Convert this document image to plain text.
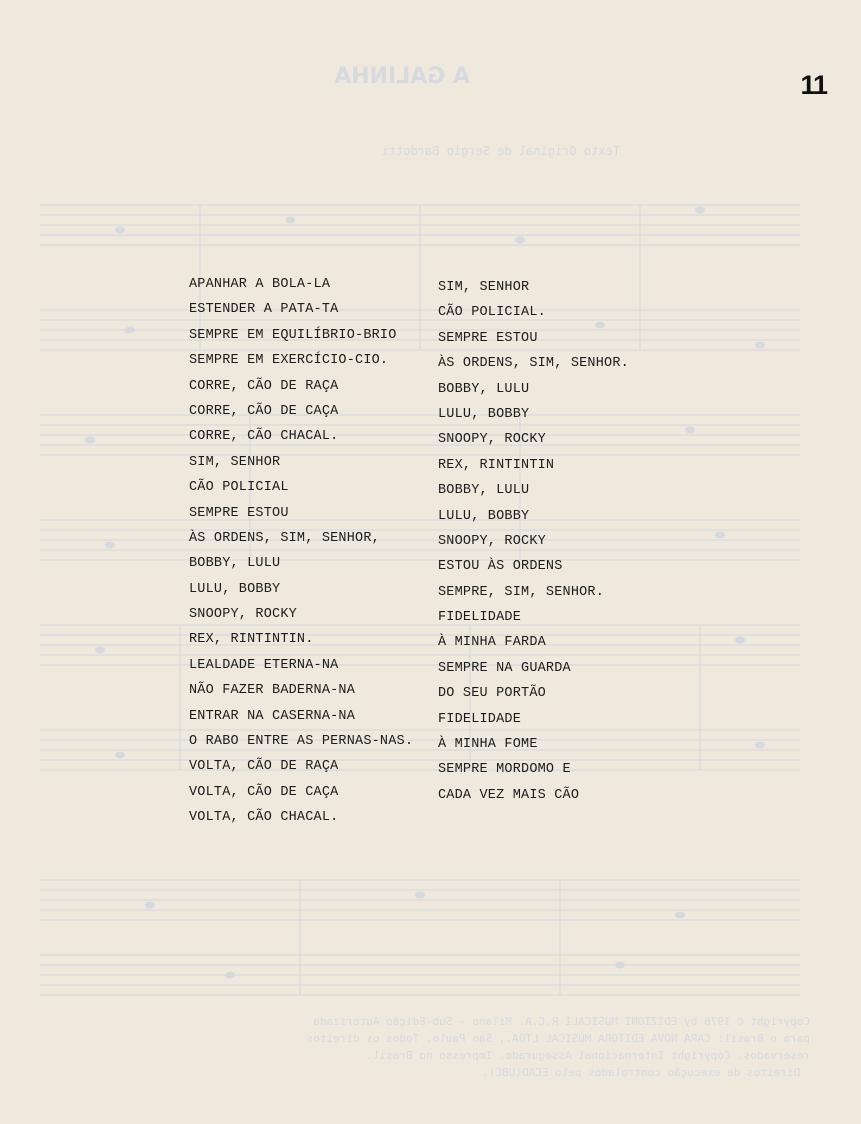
A GALINHA
Texto Original de Sergio Bardotti
Copyright © 1976 by EDIZIONI MUSICALI R.C.A. Milano - Sub-Edição Autorizada
para o Brasil: CARA NOVA EDITORA MUSICAL LTDA., São Paulo. Todos os direitos
reservados. Copyright Internacional Assegurado. Impresso no Brasil.
Direitos de execução controlados pelo ECAD(UBC).
11
APANHAR A BOLA-LA
ESTENDER A PATA-TA
SEMPRE EM EQUILÍBRIO-BRIO
SEMPRE EM EXERCÍCIO-CIO.
CORRE, CÃO DE RAÇA
CORRE, CÃO DE CAÇA
CORRE, CÃO CHACAL.
SIM, SENHOR
CÃO POLICIAL
SEMPRE ESTOU
ÀS ORDENS, SIM, SENHOR,
BOBBY, LULU
LULU, BOBBY
SNOOPY, ROCKY
REX, RINTINTIN.
LEALDADE ETERNA-NA
NÃO FAZER BADERNA-NA
ENTRAR NA CASERNA-NA
O RABO ENTRE AS PERNAS-NAS.
VOLTA, CÃO DE RAÇA
VOLTA, CÃO DE CAÇA
VOLTA, CÃO CHACAL.
SIM, SENHOR
CÃO POLICIAL.
SEMPRE ESTOU
ÀS ORDENS, SIM, SENHOR.
BOBBY, LULU
LULU, BOBBY
SNOOPY, ROCKY
REX, RINTINTIN
BOBBY, LULU
LULU, BOBBY
SNOOPY, ROCKY
ESTOU ÀS ORDENS
SEMPRE, SIM, SENHOR.
FIDELIDADE
À MINHA FARDA
SEMPRE NA GUARDA
DO SEU PORTÃO
FIDELIDADE
À MINHA FOME
SEMPRE MORDOMO E
CADA VEZ MAIS CÃO
